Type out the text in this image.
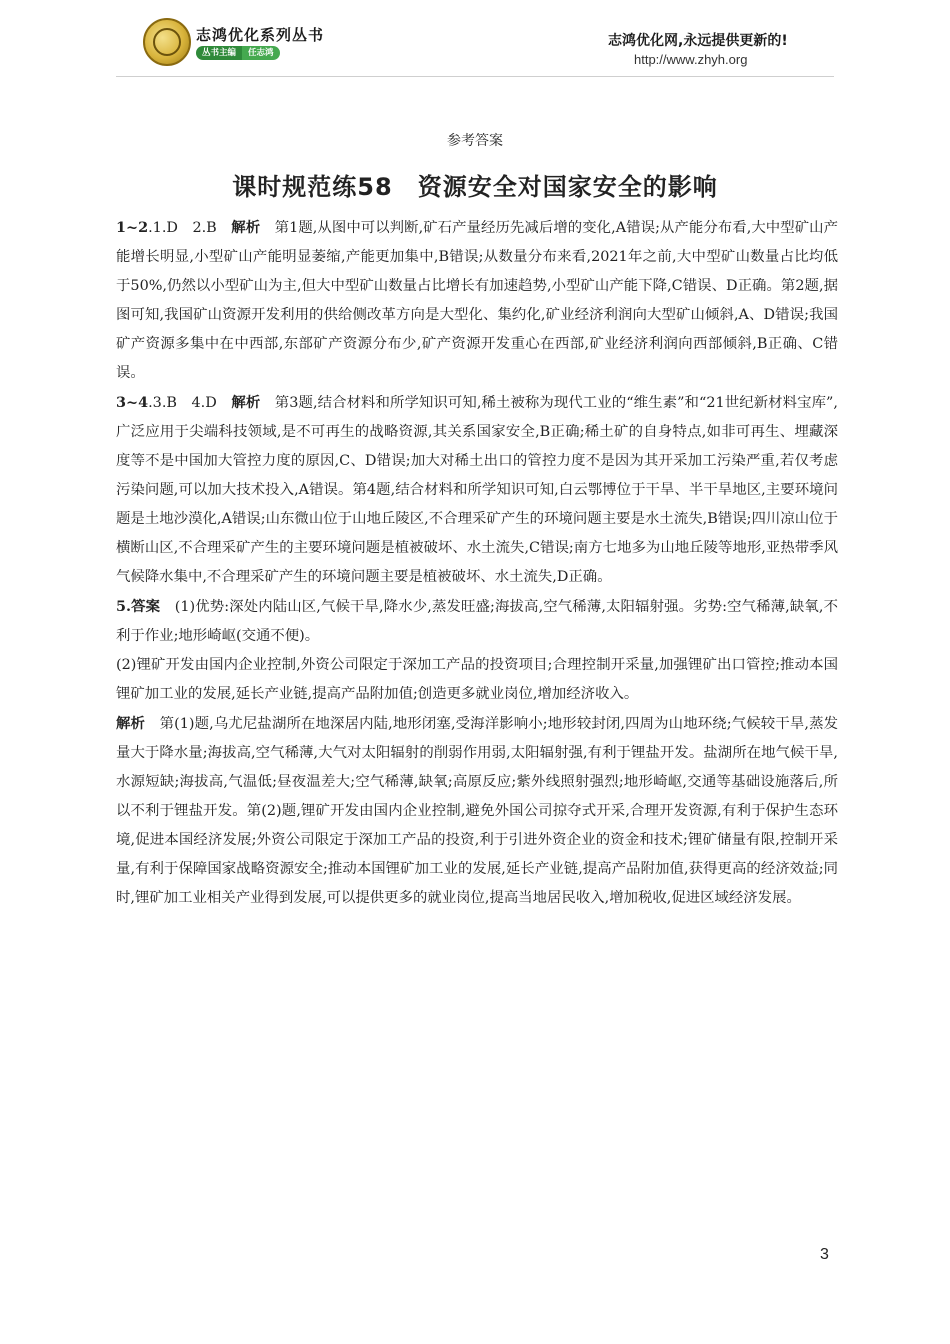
志鸿优化系列丛书
丛书主编	任志鸿
志鸿优化网,永远提供更新的!
http://www.zhyh.org
参考答案
课时规范练58　资源安全对国家安全的影响

1~2.1.D　2.B　解析　第1题,从图中可以判断,矿石产量经历先减后增的变化,A错误;从产能分布看,大中型矿山产能增长明显,小型矿山产能明显萎缩,产能更加集中,B错误;从数量分布来看,2021年之前,大中型矿山数量占比均低于50%,仍然以小型矿山为主,但大中型矿山数量占比增长有加速趋势,小型矿山产能下降,C错误、D正确。第2题,据图可知,我国矿山资源开发利用的供给侧改革方向是大型化、集约化,矿业经济利润向大型矿山倾斜,A、D错误;我国矿产资源多集中在中西部,东部矿产资源分布少,矿产资源开发重心在西部,矿业经济利润向西部倾斜,B正确、C错误。

3~4.3.B　4.D　解析　第3题,结合材料和所学知识可知,稀土被称为现代工业的“维生素”和“21世纪新材料宝库”,广泛应用于尖端科技领域,是不可再生的战略资源,其关系国家安全,B正确;稀土矿的自身特点,如非可再生、埋藏深度等不是中国加大管控力度的原因,C、D错误;加大对稀土出口的管控力度不是因为其开采加工污染严重,若仅考虑污染问题,可以加大技术投入,A错误。第4题,结合材料和所学知识可知,白云鄂博位于干旱、半干旱地区,主要环境问题是土地沙漠化,A错误;山东微山位于山地丘陵区,不合理采矿产生的环境问题主要是水土流失,B错误;四川凉山位于横断山区,不合理采矿产生的主要环境问题是植被破坏、水土流失,C错误;南方七地多为山地丘陵等地形,亚热带季风气候降水集中,不合理采矿产生的环境问题主要是植被破坏、水土流失,D正确。

5.答案　(1)优势:深处内陆山区,气候干旱,降水少,蒸发旺盛;海拔高,空气稀薄,太阳辐射强。劣势:空气稀薄,缺氧,不利于作业;地形崎岖(交通不便)。

(2)锂矿开发由国内企业控制,外资公司限定于深加工产品的投资项目;合理控制开采量,加强锂矿出口管控;推动本国锂矿加工业的发展,延长产业链,提高产品附加值;创造更多就业岗位,增加经济收入。

解析　第(1)题,乌尤尼盐湖所在地深居内陆,地形闭塞,受海洋影响小;地形较封闭,四周为山地环绕;气候较干旱,蒸发量大于降水量;海拔高,空气稀薄,大气对太阳辐射的削弱作用弱,太阳辐射强,有利于锂盐开发。盐湖所在地气候干旱,水源短缺;海拔高,气温低;昼夜温差大;空气稀薄,缺氧;高原反应;紫外线照射强烈;地形崎岖,交通等基础设施落后,所以不利于锂盐开发。第(2)题,锂矿开发由国内企业控制,避免外国公司掠夺式开采,合理开发资源,有利于保护生态环境,促进本国经济发展;外资公司限定于深加工产品的投资,利于引进外资企业的资金和技术;锂矿储量有限,控制开采量,有利于保障国家战略资源安全;推动本国锂矿加工业的发展,延长产业链,提高产品附加值,获得更高的经济效益;同时,锂矿加工业相关产业得到发展,可以提供更多的就业岗位,提高当地居民收入,增加税收,促进区域经济发展。

3
